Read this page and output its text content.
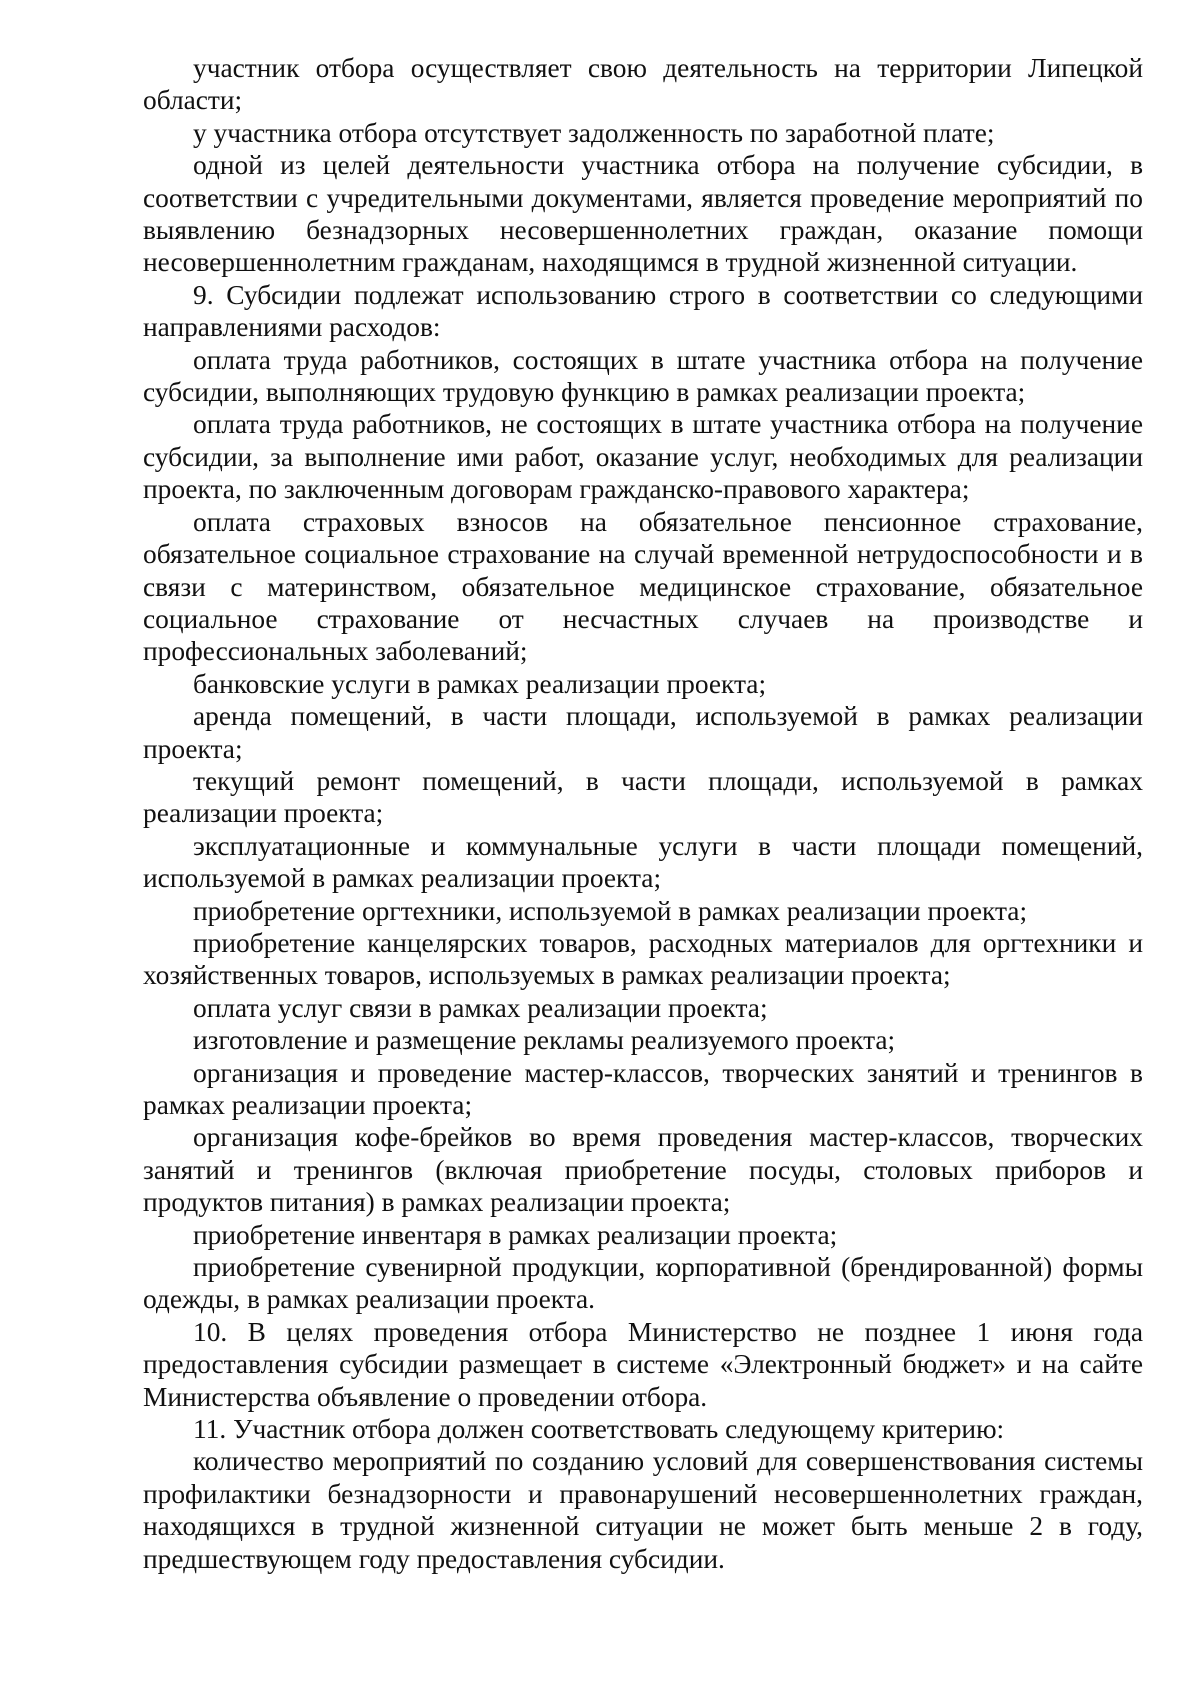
участник отбора осуществляет свою деятельность на территории Липецкой области;

у участника отбора отсутствует задолженность по заработной плате;

одной из целей деятельности участника отбора на получение субсидии, в соответствии с учредительными документами, является проведение мероприятий по выявлению безнадзорных несовершеннолетних граждан, оказание помощи несовершеннолетним гражданам, находящимся в трудной жизненной ситуации.

9. Субсидии подлежат использованию строго в соответствии со следующими направлениями расходов:

оплата труда работников, состоящих в штате участника отбора на получение субсидии, выполняющих трудовую функцию в рамках реализации проекта;

оплата труда работников, не состоящих в штате участника отбора на получение субсидии, за выполнение ими работ, оказание услуг, необходимых для реализации проекта, по заключенным договорам гражданско-правового характера;

оплата страховых взносов на обязательное пенсионное страхование, обязательное социальное страхование на случай временной нетрудоспособности и в связи с материнством, обязательное медицинское страхование, обязательное социальное страхование от несчастных случаев на производстве и профессиональных заболеваний;

банковские услуги в рамках реализации проекта;

аренда помещений, в части площади, используемой в рамках реализации проекта;

текущий ремонт помещений, в части площади, используемой в рамках реализации проекта;

эксплуатационные и коммунальные услуги в части площади помещений, используемой в рамках реализации проекта;

приобретение оргтехники, используемой в рамках реализации проекта;

приобретение канцелярских товаров, расходных материалов для оргтехники и хозяйственных товаров, используемых в рамках реализации проекта;

оплата услуг связи в рамках реализации проекта;

изготовление и размещение рекламы реализуемого проекта;

организация и проведение мастер-классов, творческих занятий и тренингов в рамках реализации проекта;

организация кофе-брейков во время проведения мастер-классов, творческих занятий и тренингов (включая приобретение посуды, столовых приборов и продуктов питания) в рамках реализации проекта;

приобретение инвентаря в рамках реализации проекта;

приобретение сувенирной продукции, корпоративной (брендированной) формы одежды, в рамках реализации проекта.

10. В целях проведения отбора Министерство не позднее 1 июня года предоставления субсидии размещает в системе «Электронный бюджет» и на сайте Министерства объявление о проведении отбора.

11. Участник отбора должен соответствовать следующему критерию:

количество мероприятий по созданию условий для совершенствования системы профилактики безнадзорности и правонарушений несовершеннолетних граждан, находящихся в трудной жизненной ситуации не может быть меньше 2 в году, предшествующем году предоставления субсидии.
